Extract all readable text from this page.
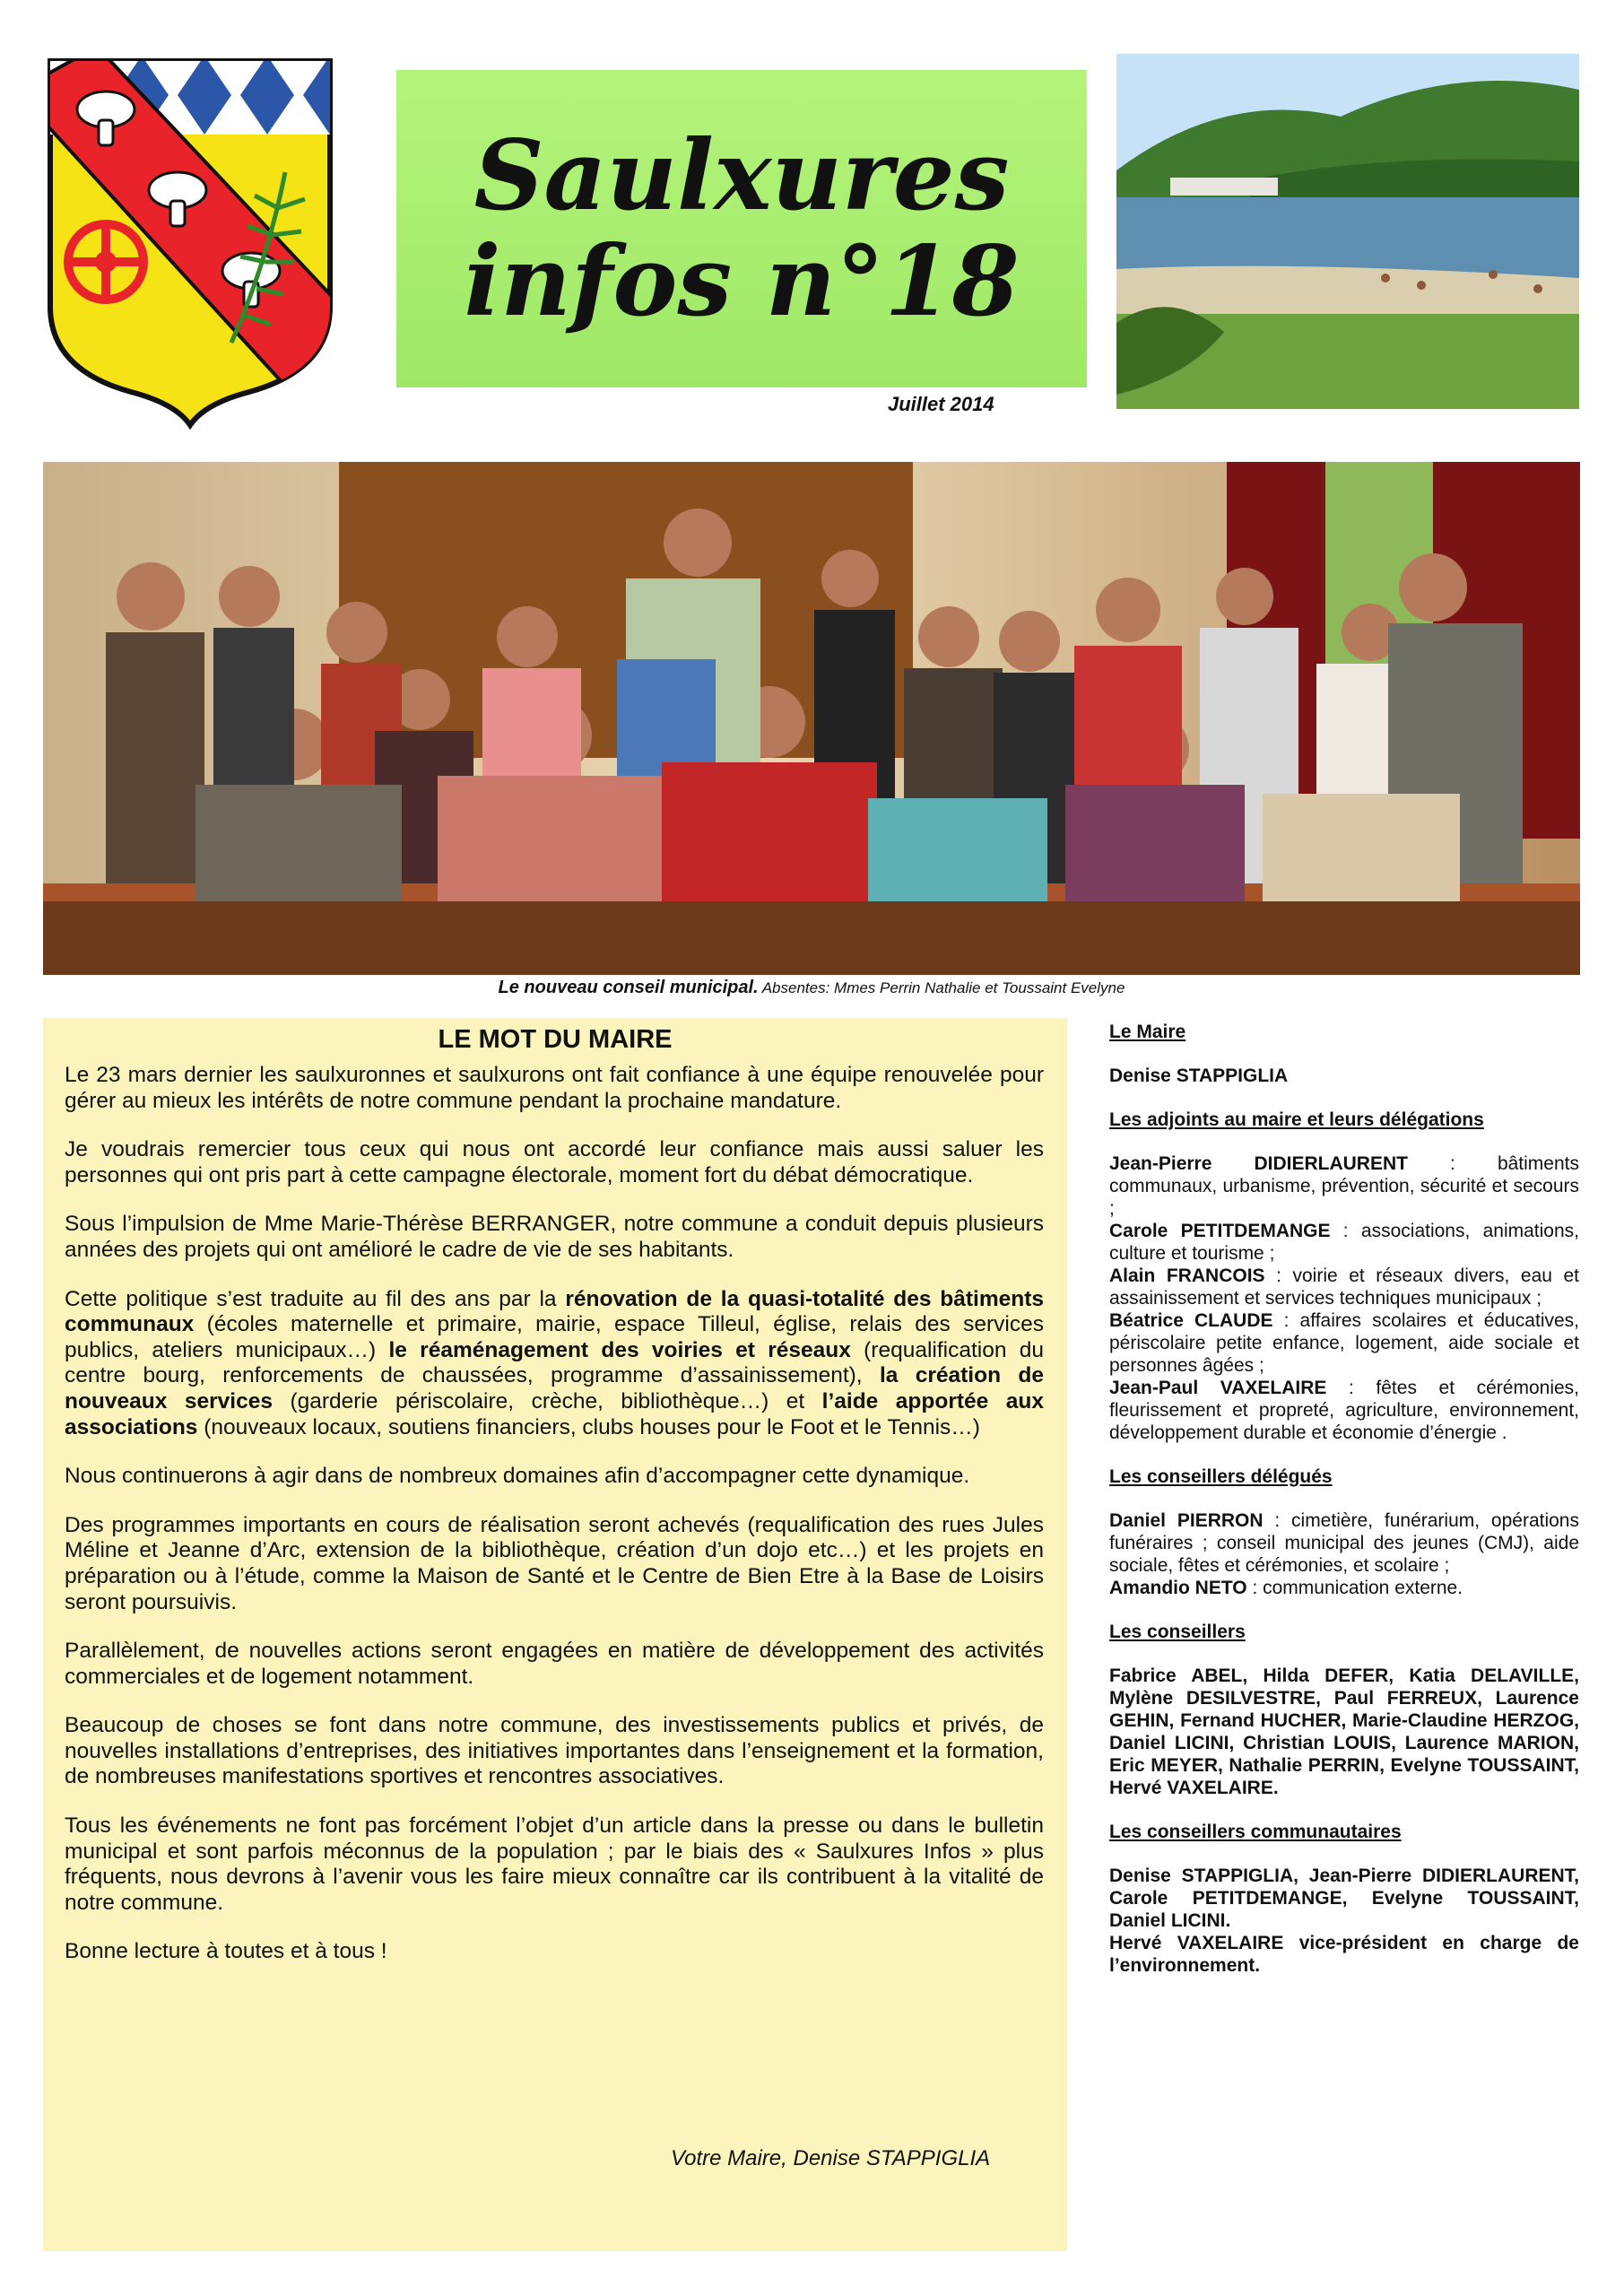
Saulxures
infos n°18
Juillet 2014
Le nouveau conseil municipal. Absentes: Mmes Perrin Nathalie et Toussaint Evelyne
LE MOT DU MAIRE

Le 23 mars dernier les saulxuronnes et saulxurons ont fait confiance à une équipe renouvelée pour gérer au mieux les intérêts de notre commune pendant la prochaine mandature.

Je voudrais remercier tous ceux qui nous ont accordé leur confiance mais aussi saluer les personnes qui ont pris part à cette campagne électorale, moment fort du débat démocratique.

Sous l’impulsion de Mme Marie-Thérèse BERRANGER, notre commune a conduit depuis plusieurs années des projets qui ont amélioré le cadre de vie de ses habitants.

Cette politique s’est traduite au fil des ans par la rénovation de la quasi-totalité des bâtiments communaux (écoles maternelle et primaire, mairie, espace Tilleul, église, relais des services publics, ateliers municipaux…) le réaménagement des voiries et réseaux (requalification du centre bourg, renforcements de chaussées, programme d’assainissement), la création de nouveaux services (garderie périscolaire, crèche, bibliothèque…) et l’aide apportée aux associations (nouveaux locaux, soutiens financiers, clubs houses pour le Foot et le Tennis…)

Nous continuerons à agir dans de nombreux domaines afin d’accompagner cette dynamique.

Des programmes importants en cours de réalisation seront achevés (requalification des rues Jules Méline et Jeanne d’Arc, extension de la bibliothèque, création d’un dojo etc…) et les projets en préparation ou à l’étude, comme la Maison de Santé et le Centre de Bien Etre à la Base de Loisirs seront poursuivis.

Parallèlement, de nouvelles actions seront engagées en matière de développement des activités commerciales et de logement notamment.

Beaucoup de choses se font dans notre commune, des investissements publics et privés, de nouvelles installations d’entreprises, des initiatives importantes dans l’enseignement et la formation, de nombreuses manifestations sportives et rencontres associatives.

Tous les événements ne font pas forcément l’objet d’un article dans la presse ou dans le bulletin municipal et sont parfois méconnus de la population ; par le biais des « Saulxures Infos » plus fréquents, nous devrons à l’avenir vous les faire mieux connaître car ils contribuent à la vitalité de notre commune.

Bonne lecture à toutes et à tous !

Votre Maire, Denise STAPPIGLIA
Le Maire
Denise STAPPIGLIA
Les adjoints au maire et leurs délégations
Jean-Pierre DIDIERLAURENT : bâtiments communaux, urbanisme, prévention, sécurité et secours ;
Carole PETITDEMANGE : associations, animations, culture et tourisme ;
Alain FRANCOIS : voirie et réseaux divers, eau et assainissement et services techniques municipaux ;
Béatrice CLAUDE : affaires scolaires et éducatives, périscolaire petite enfance, logement, aide sociale et personnes âgées ;
Jean-Paul VAXELAIRE : fêtes et cérémonies, fleurissement et propreté, agriculture, environnement, développement durable et économie d’énergie .
Les conseillers délégués
Daniel PIERRON : cimetière, funérarium, opérations funéraires ; conseil municipal des jeunes (CMJ), aide sociale, fêtes et cérémonies, et scolaire ;
Amandio NETO : communication externe.
Les conseillers
Fabrice ABEL, Hilda DEFER, Katia DELAVILLE, Mylène DESILVESTRE, Paul FERREUX, Laurence GEHIN, Fernand HUCHER, Marie-Claudine HERZOG, Daniel LICINI, Christian LOUIS, Laurence MARION, Eric MEYER, Nathalie PERRIN, Evelyne TOUSSAINT, Hervé VAXELAIRE.
Les conseillers communautaires
Denise STAPPIGLIA, Jean-Pierre DIDIERLAURENT, Carole PETITDEMANGE, Evelyne TOUSSAINT, Daniel LICINI.
Hervé VAXELAIRE vice-président en charge de l’environnement.
